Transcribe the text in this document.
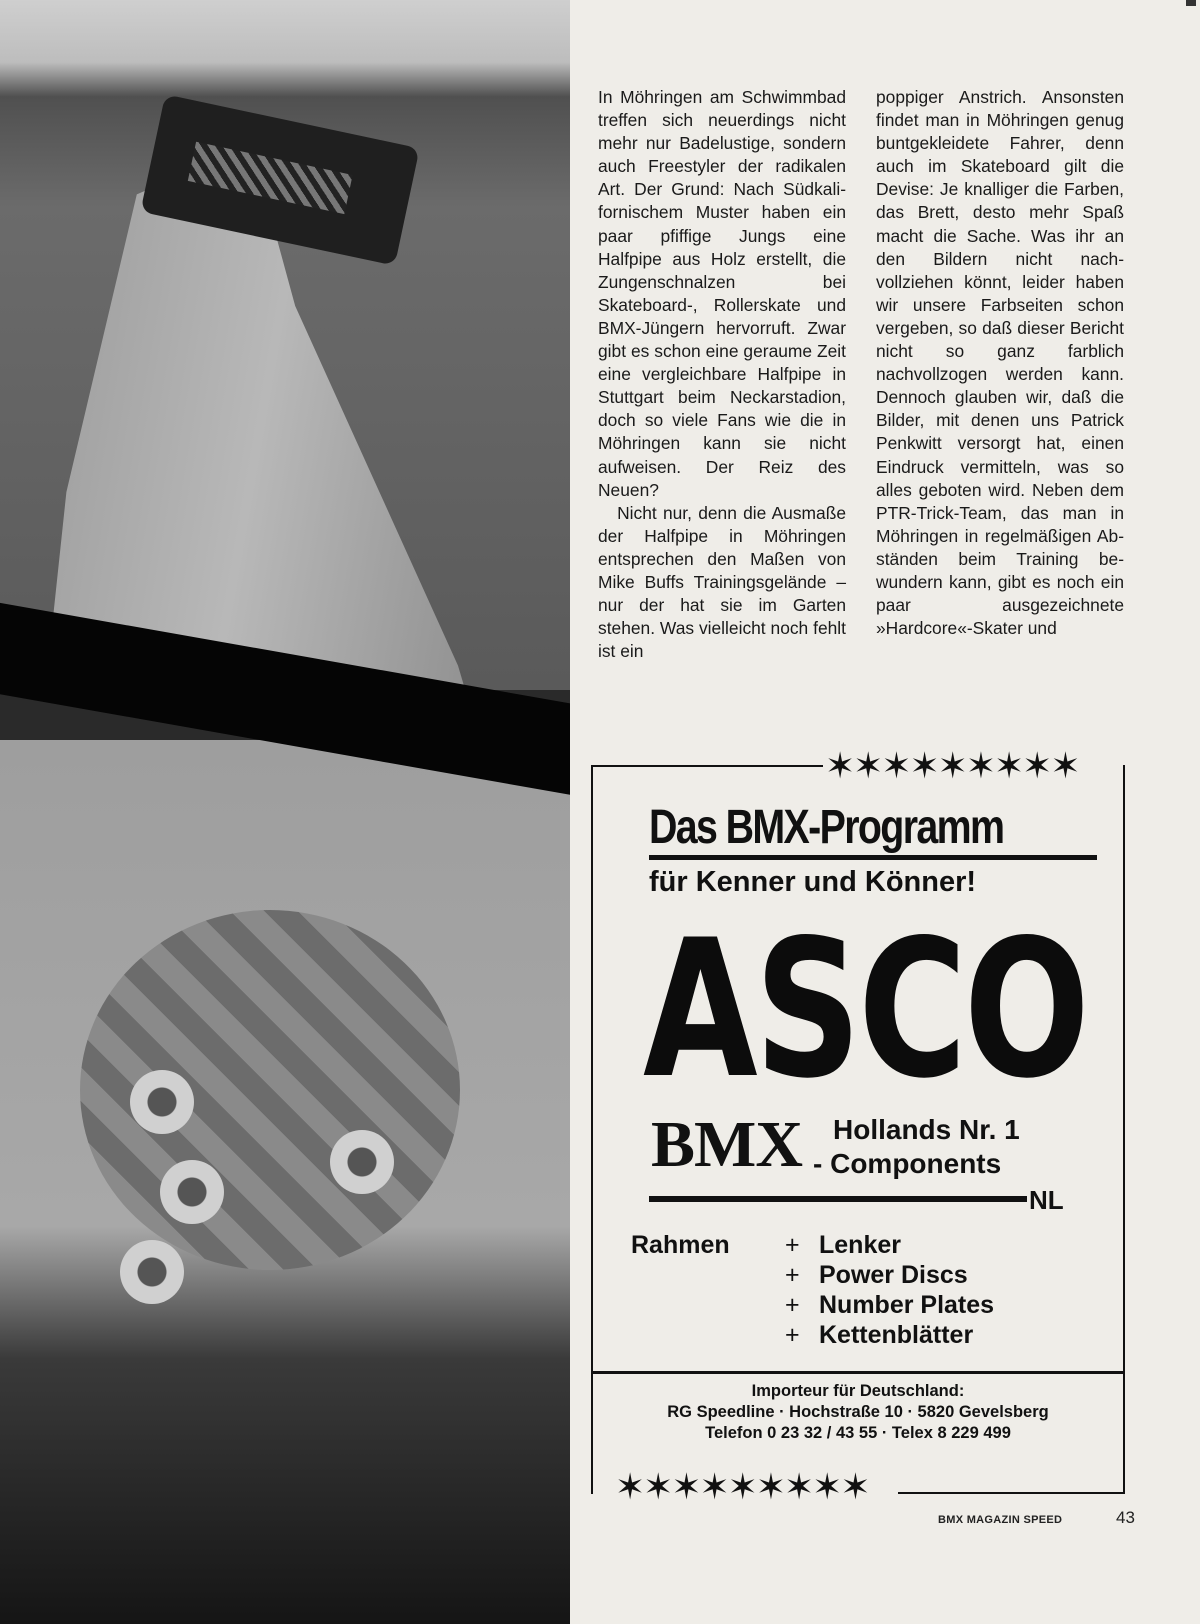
In Möhringen am Schwimmbad treffen sich neuerdings nicht mehr nur Badelustige, sondern auch Freestyler der radikalen Art. Der Grund: Nach Südkalifornischem Muster haben ein paar pfiffige Jungs eine Halfpipe aus Holz erstellt, die Zungenschnalzen bei Skateboard-, Rollerskate und BMX-Jüngern hervorruft. Zwar gibt es schon eine geraume Zeit eine vergleichbare Halfpipe in Stuttgart beim Neckarstadion, doch so viele Fans wie die in Möhringen kann sie nicht aufweisen. Der Reiz des Neuen?

Nicht nur, denn die Ausmaße der Halfpipe in Möhringen entsprechen den Maßen von Mike Buffs Trainingsgelände – nur der hat sie im Garten stehen. Was vielleicht noch fehlt ist ein

poppiger Anstrich. Ansonsten findet man in Möhringen genug buntgekleidete Fahrer, denn auch im Skateboard gilt die Devise: Je knalliger die Farben, das Brett, desto mehr Spaß macht die Sache. Was ihr an den Bildern nicht nachvollziehen könnt, leider haben wir unsere Farbseiten schon vergeben, so daß dieser Bericht nicht so ganz farblich nachvollzogen werden kann. Dennoch glauben wir, daß die Bilder, mit denen uns Patrick Penkwitt versorgt hat, einen Eindruck vermitteln, was so alles geboten wird. Neben dem PTR-Trick-Team, das man in Möhringen in regelmäßigen Abständen beim Training bewundern kann, gibt es noch ein paar ausgezeichnete »Hardcore«-Skater und

✶✶✶✶✶✶✶✶✶
Das BMX-Programm
für Kenner und Könner!
ASCO
BMX Hollands Nr. 1
- Components
NL
Rahmen + Lenker
+ Power Discs
+ Number Plates
+ Kettenblätter
Importeur für Deutschland:
RG Speedline · Hochstraße 10 · 5820 Gevelsberg
Telefon 0 23 32 / 43 55 · Telex 8 229 499
✶✶✶✶✶✶✶✶✶
BMX MAGAZIN SPEED	43
